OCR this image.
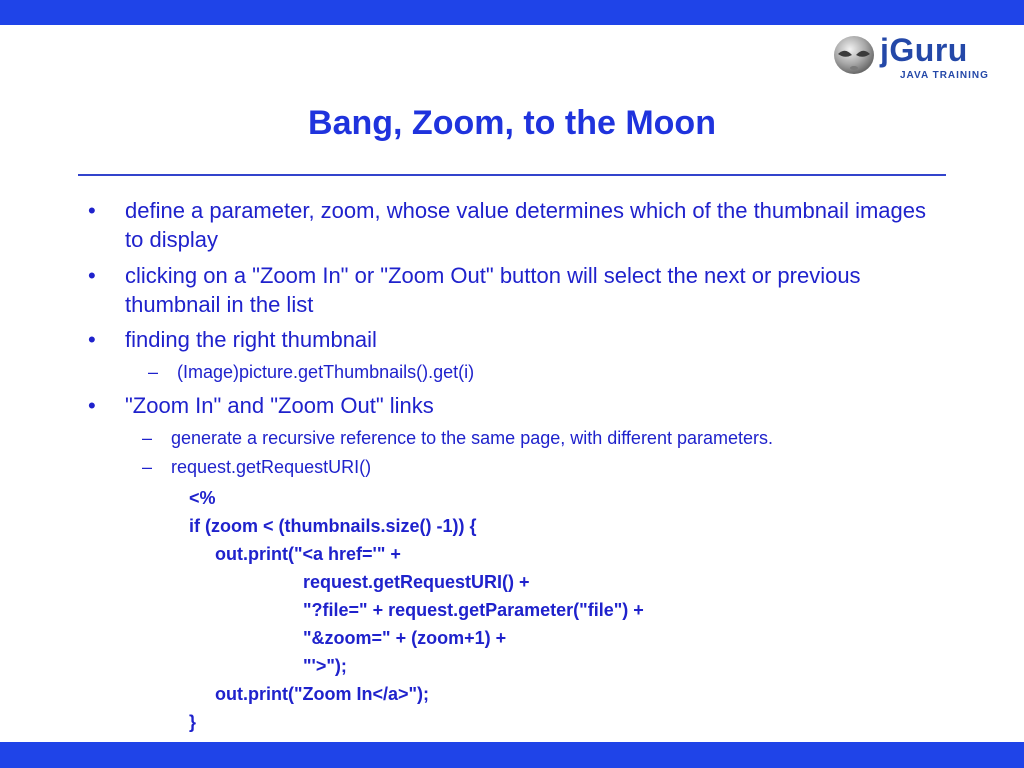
jGuru
JAVA TRAINING
Bang, Zoom, to the Moon
• define a parameter, zoom, whose value determines which of the thumbnail images to display
• clicking on a "Zoom In" or "Zoom Out" button will select the next or previous thumbnail in the list
• finding the right thumbnail
– (Image)picture.getThumbnails().get(i)
• "Zoom In" and "Zoom Out" links
– generate a recursive reference to the same page, with different parameters.
– request.getRequestURI()
<%
if (zoom < (thumbnails.size() -1)) {
out.print("<a href='" +
request.getRequestURI() +
"?file=" + request.getParameter("file") +
"&zoom=" + (zoom+1) +
"'>");
out.print("Zoom In</a>");
}
